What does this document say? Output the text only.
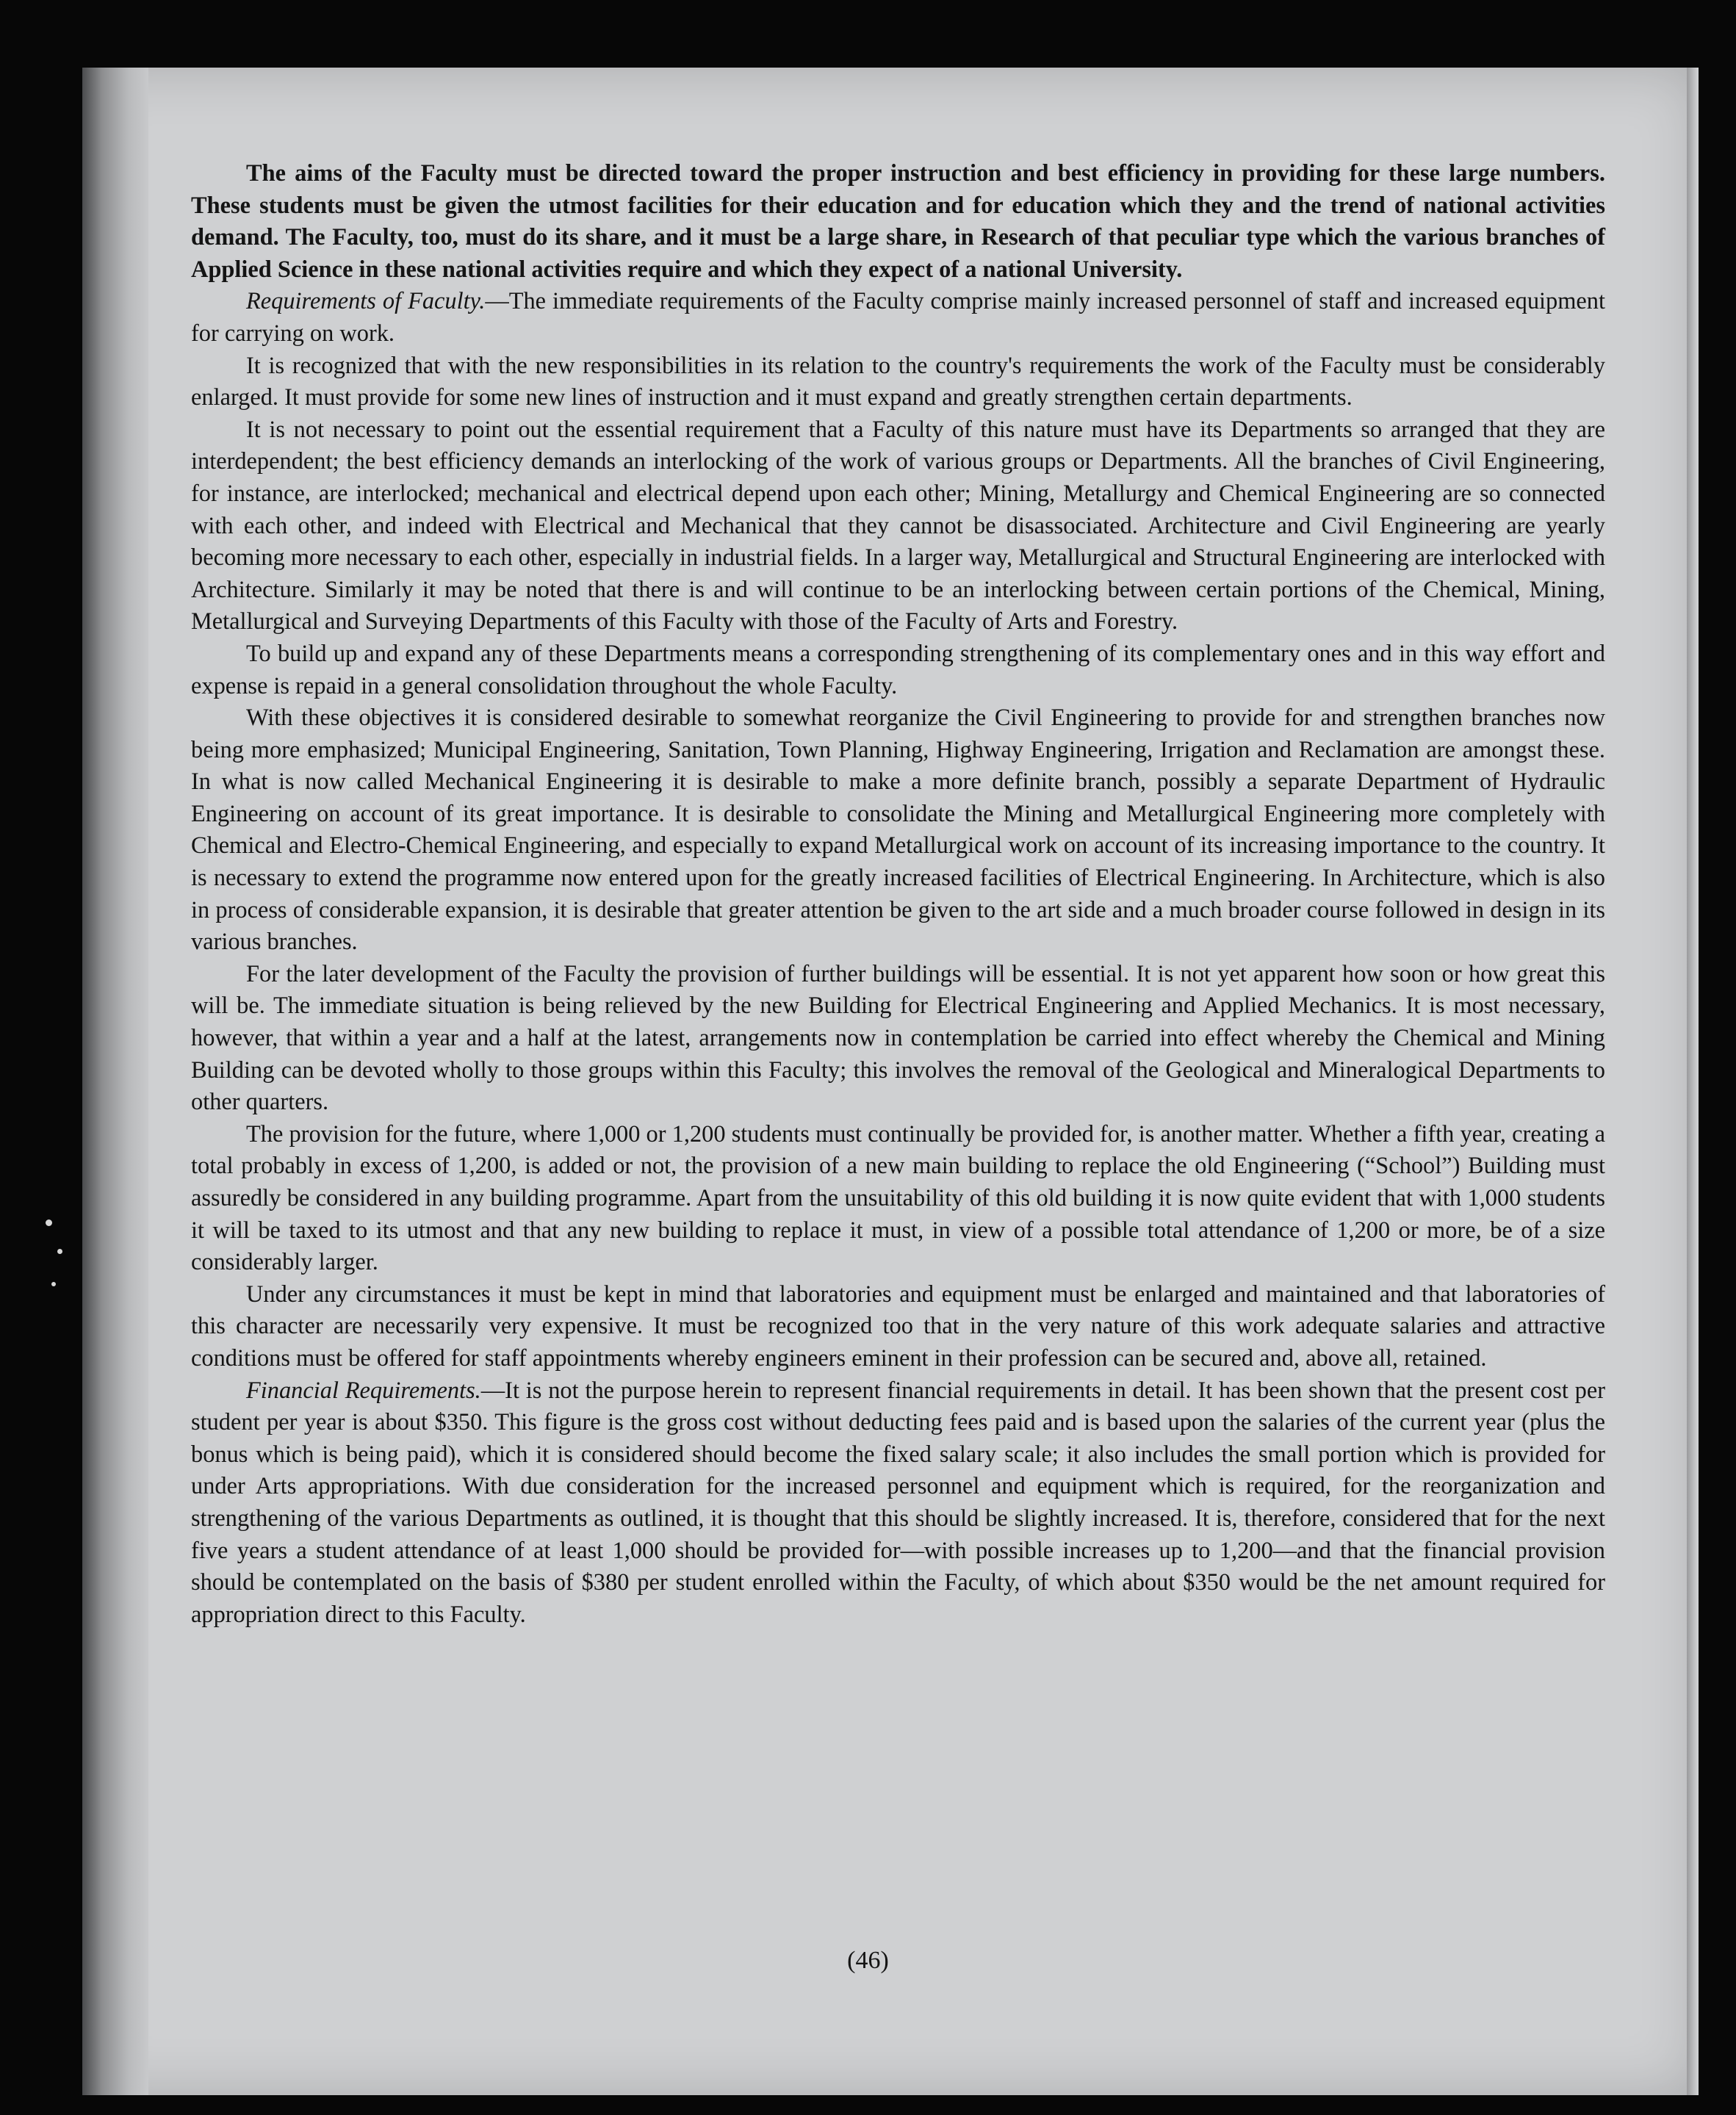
The aims of the Faculty must be directed toward the proper instruction and best efficiency in providing for these large numbers. These students must be given the utmost facilities for their education and for education which they and the trend of national activities demand. The Faculty, too, must do its share, and it must be a large share, in Research of that peculiar type which the various branches of Applied Science in these national activities require and which they expect of a national University.

Requirements of Faculty.—The immediate requirements of the Faculty comprise mainly increased personnel of staff and increased equipment for carrying on work.

It is recognized that with the new responsibilities in its relation to the country's requirements the work of the Faculty must be considerably enlarged. It must provide for some new lines of instruction and it must expand and greatly strengthen certain departments.

It is not necessary to point out the essential requirement that a Faculty of this nature must have its Departments so arranged that they are interdependent; the best efficiency demands an interlocking of the work of various groups or Departments. All the branches of Civil Engineering, for instance, are interlocked; mechanical and electrical depend upon each other; Mining, Metallurgy and Chemical Engineering are so connected with each other, and indeed with Electrical and Mechanical that they cannot be disassociated. Architecture and Civil Engineering are yearly becoming more necessary to each other, especially in industrial fields. In a larger way, Metallurgical and Structural Engineering are interlocked with Architecture. Similarly it may be noted that there is and will continue to be an interlocking between certain portions of the Chemical, Mining, Metallurgical and Surveying Departments of this Faculty with those of the Faculty of Arts and Forestry.

To build up and expand any of these Departments means a corresponding strengthening of its complementary ones and in this way effort and expense is repaid in a general consolidation throughout the whole Faculty.

With these objectives it is considered desirable to somewhat reorganize the Civil Engineering to provide for and strengthen branches now being more emphasized; Municipal Engineering, Sanitation, Town Planning, Highway Engineering, Irrigation and Reclamation are amongst these. In what is now called Mechanical Engineering it is desirable to make a more definite branch, possibly a separate Department of Hydraulic Engineering on account of its great importance. It is desirable to consolidate the Mining and Metallurgical Engineering more completely with Chemical and Electro-Chemical Engineering, and especially to expand Metallurgical work on account of its increasing importance to the country. It is necessary to extend the programme now entered upon for the greatly increased facilities of Electrical Engineering. In Architecture, which is also in process of considerable expansion, it is desirable that greater attention be given to the art side and a much broader course followed in design in its various branches.

For the later development of the Faculty the provision of further buildings will be essential. It is not yet apparent how soon or how great this will be. The immediate situation is being relieved by the new Building for Electrical Engineering and Applied Mechanics. It is most necessary, however, that within a year and a half at the latest, arrangements now in contemplation be carried into effect whereby the Chemical and Mining Building can be devoted wholly to those groups within this Faculty; this involves the removal of the Geological and Mineralogical Departments to other quarters.

The provision for the future, where 1,000 or 1,200 students must continually be provided for, is another matter. Whether a fifth year, creating a total probably in excess of 1,200, is added or not, the provision of a new main building to replace the old Engineering (“School”) Building must assuredly be considered in any building programme. Apart from the unsuitability of this old building it is now quite evident that with 1,000 students it will be taxed to its utmost and that any new building to replace it must, in view of a possible total attendance of 1,200 or more, be of a size considerably larger.

Under any circumstances it must be kept in mind that laboratories and equipment must be enlarged and maintained and that laboratories of this character are necessarily very expensive. It must be recognized too that in the very nature of this work adequate salaries and attractive conditions must be offered for staff appointments whereby engineers eminent in their profession can be secured and, above all, retained.

Financial Requirements.—It is not the purpose herein to represent financial requirements in detail. It has been shown that the present cost per student per year is about $350. This figure is the gross cost without deducting fees paid and is based upon the salaries of the current year (plus the bonus which is being paid), which it is considered should become the fixed salary scale; it also includes the small portion which is provided for under Arts appropriations. With due consideration for the increased personnel and equipment which is required, for the reorganization and strengthening of the various Departments as outlined, it is thought that this should be slightly increased. It is, therefore, considered that for the next five years a student attendance of at least 1,000 should be provided for—with possible increases up to 1,200—and that the financial provision should be contemplated on the basis of $380 per student enrolled within the Faculty, of which about $350 would be the net amount required for appropriation direct to this Faculty.

(46)
